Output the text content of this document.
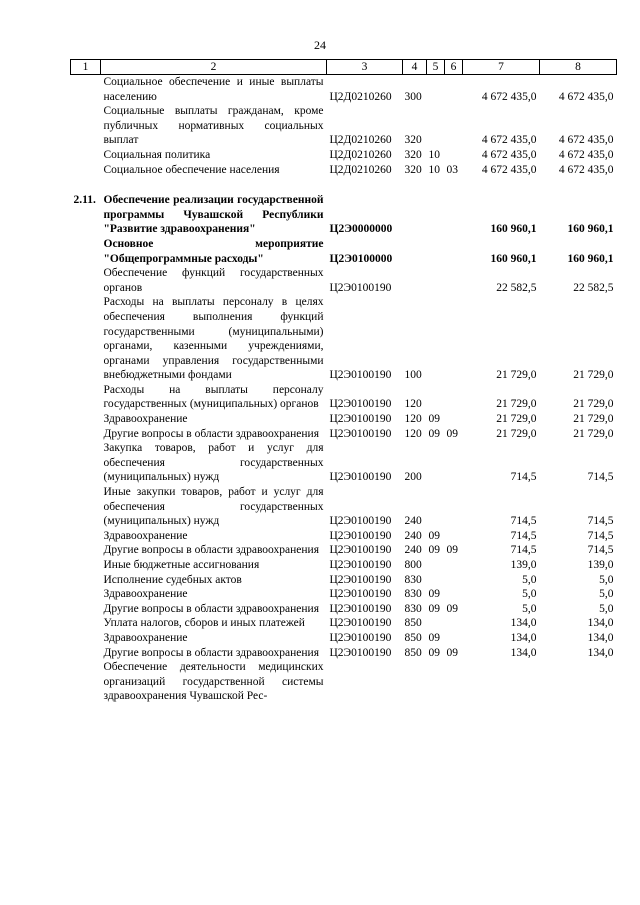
24
1	2	3	4	5	6	7	8
	Социальное обеспечение и иные выплаты населению	Ц2Д0210260	300			4 672 435,0	4 672 435,0
	Социальные выплаты гражданам, кроме публичных нормативных социальных выплат	Ц2Д0210260	320			4 672 435,0	4 672 435,0
	Социальная политика	Ц2Д0210260	320	10		4 672 435,0	4 672 435,0
	Социальное обеспечение населения	Ц2Д0210260	320	10	03	4 672 435,0	4 672 435,0

2.11.	Обеспечение реализации государственной программы Чувашской Республики "Развитие здравоохранения"	Ц2Э0000000				160 960,1	160 960,1
	Основное мероприятие "Общепрограммные расходы"	Ц2Э0100000				160 960,1	160 960,1
	Обеспечение функций государственных органов	Ц2Э0100190				22 582,5	22 582,5
	Расходы на выплаты персоналу в целях обеспечения выполнения функций государственными (муниципальными) органами, казенными учреждениями, органами управления государственными внебюджетными фондами	Ц2Э0100190	100			21 729,0	21 729,0
	Расходы на выплаты персоналу государственных (муниципальных) органов	Ц2Э0100190	120			21 729,0	21 729,0
	Здравоохранение	Ц2Э0100190	120	09		21 729,0	21 729,0
	Другие вопросы в области здравоохранения	Ц2Э0100190	120	09	09	21 729,0	21 729,0
	Закупка товаров, работ и услуг для обеспечения государственных (муниципальных) нужд	Ц2Э0100190	200			714,5	714,5
	Иные закупки товаров, работ и услуг для обеспечения государственных (муниципальных) нужд	Ц2Э0100190	240			714,5	714,5
	Здравоохранение	Ц2Э0100190	240	09		714,5	714,5
	Другие вопросы в области здравоохранения	Ц2Э0100190	240	09	09	714,5	714,5
	Иные бюджетные ассигнования	Ц2Э0100190	800			139,0	139,0
	Исполнение судебных актов	Ц2Э0100190	830			5,0	5,0
	Здравоохранение	Ц2Э0100190	830	09		5,0	5,0
	Другие вопросы в области здравоохранения	Ц2Э0100190	830	09	09	5,0	5,0
	Уплата налогов, сборов и иных платежей	Ц2Э0100190	850			134,0	134,0
	Здравоохранение	Ц2Э0100190	850	09		134,0	134,0
	Другие вопросы в области здравоохранения	Ц2Э0100190	850	09	09	134,0	134,0
	Обеспечение деятельности медицинских организаций государственной системы здравоохранения Чувашской Рес-						
